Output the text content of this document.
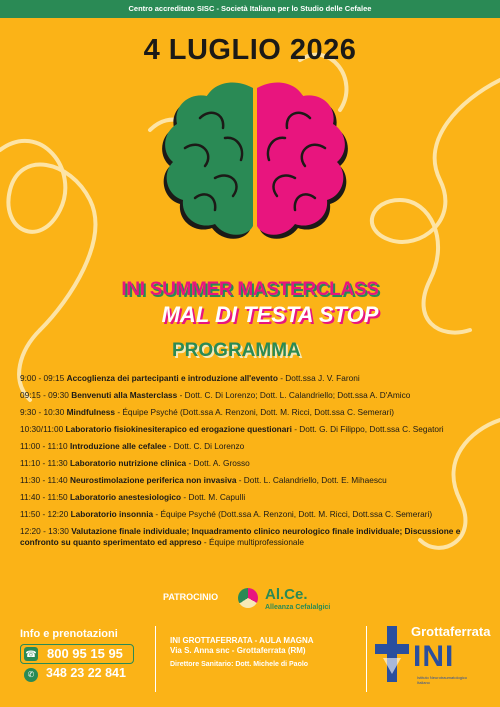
Centro accreditato SISC - Società Italiana per lo Studio delle Cefalee
4 LUGLIO 2026
INI SUMMER MASTERCLASS
MAL DI TESTA STOP
PROGRAMMA
9:00 - 09:15 Accoglienza dei partecipanti e introduzione all'evento - Dott.ssa J. V. Faroni
09:15 - 09:30 Benvenuti alla Masterclass - Dott. C. Di Lorenzo; Dott. L. Calandriello; Dott.ssa A. D'Amico
9:30 - 10:30 Mindfulness - Équipe Psyché (Dott.ssa A. Renzoni, Dott. M. Ricci, Dott.ssa C. Semerari)
10:30/11:00 Laboratorio fisiokinesiterapico ed erogazione questionari - Dott. G. Di Filippo, Dott.ssa C. Segatori
11:00 - 11:10 Introduzione alle cefalee - Dott. C. Di Lorenzo
11:10 - 11:30 Laboratorio nutrizione clinica - Dott. A. Grosso
11:30 - 11:40 Neurostimolazione periferica non invasiva - Dott. L. Calandriello, Dott. E. Mihaescu
11:40 - 11:50 Laboratorio anestesiologico - Dott. M. Capulli
11:50 - 12:20 Laboratorio insonnia - Équipe Psyché (Dott.ssa A. Renzoni, Dott. M. Ricci, Dott.ssa C. Semerari)
12:20 - 13:30 Valutazione finale individuale; Inquadramento clinico neurologico finale individuale; Discussione e confronto su quanto sperimentato ed appreso - Équipe multiprofessionale
PATROCINIO	Al.Ce.
Alleanza Cefalalgici
Info e prenotazioni
☎ 800 95 15 95
✆ 348 23 22 841
INI GROTTAFERRATA - AULA MAGNA
Via S. Anna snc - Grottaferrata (RM)
Direttore Sanitario: Dott. Michele di Paolo
Grottaferrata
INI
Istituto Neurotraumatologico Italiano
